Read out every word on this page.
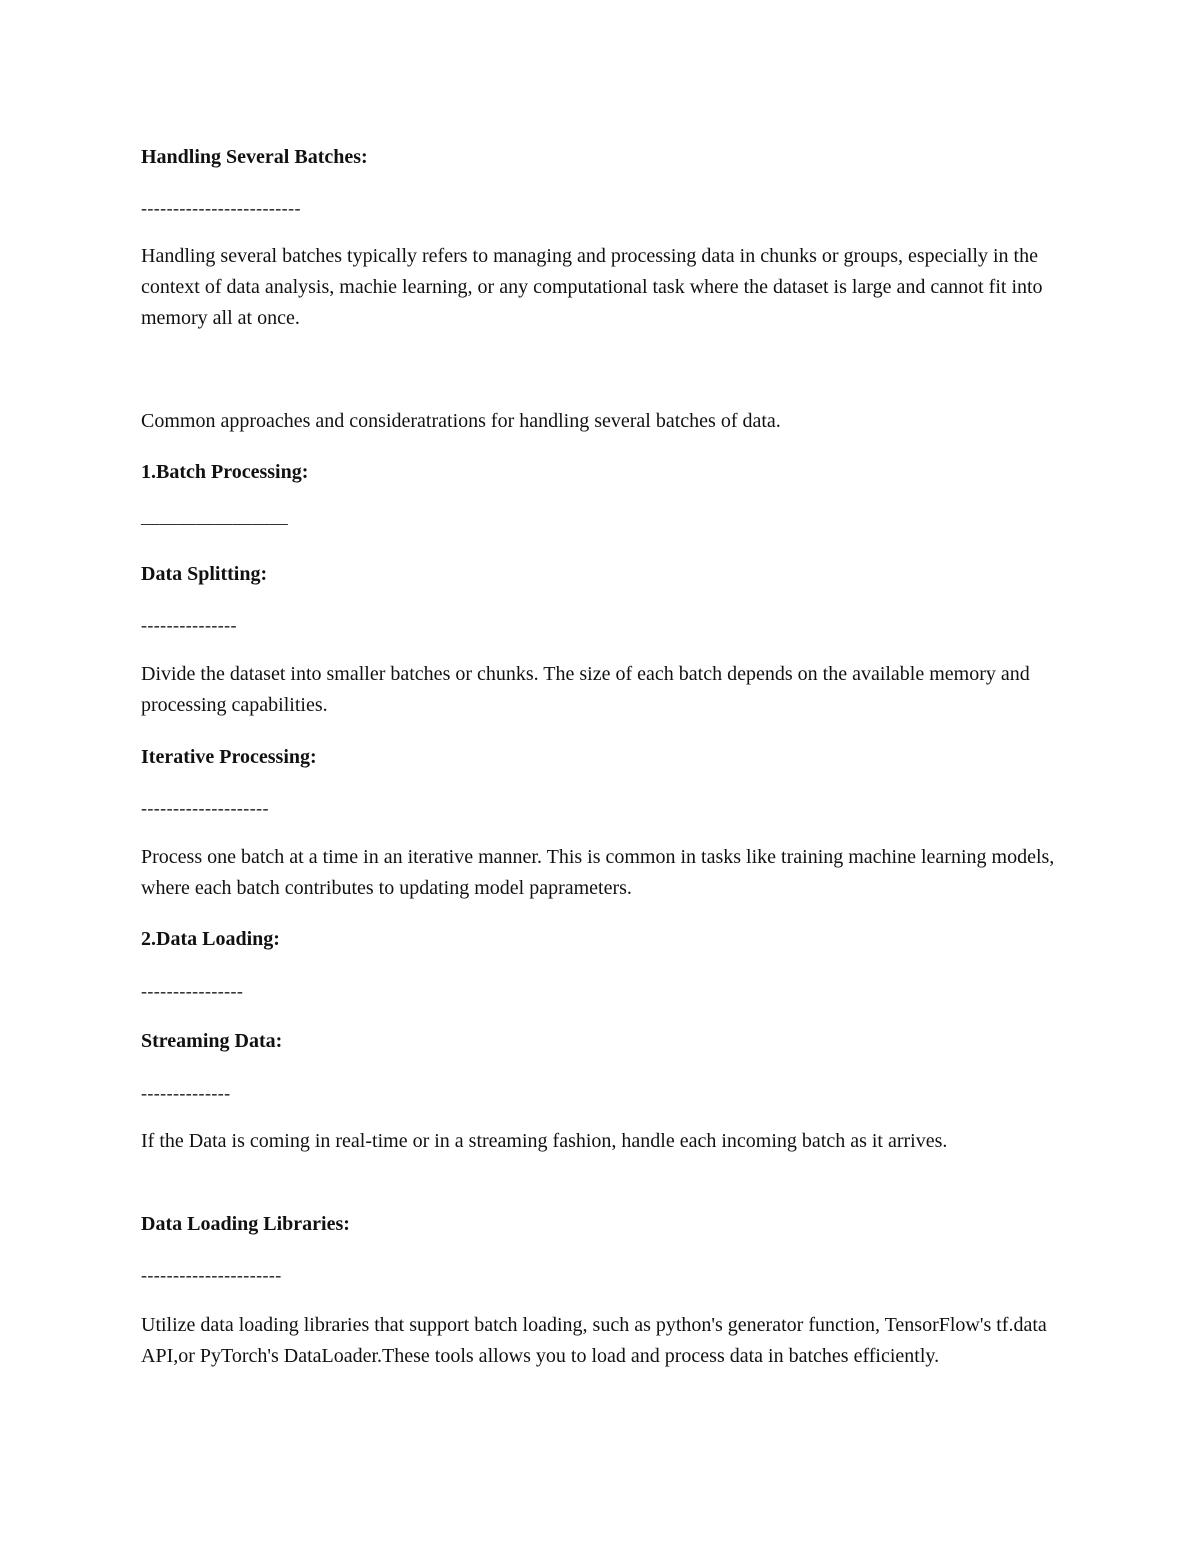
Handling Several Batches:
-------------------------
Handling several batches typically refers to managing and processing data in chunks or groups, especially in the context of data analysis, machie learning, or any computational task where the dataset is large and cannot fit into memory all at once.
Common approaches and consideratrations for handling several batches of data.
1.Batch Processing:
————————
Data Splitting:
---------------
Divide the dataset into smaller batches or chunks. The size of each batch depends on the available memory and processing capabilities.
Iterative Processing:
--------------------
Process one batch at a time in an iterative manner. This is common in tasks like training machine learning models, where each batch contributes to updating model paprameters.
2.Data Loading:
----------------
Streaming Data:
--------------
If the Data is coming in real-time or in a streaming fashion, handle each incoming batch as it arrives.
Data Loading Libraries:
----------------------
Utilize data loading libraries that support batch loading, such as python's generator function, TensorFlow's tf.data API,or PyTorch's DataLoader.These tools allows you to load and process data in batches efficiently.
